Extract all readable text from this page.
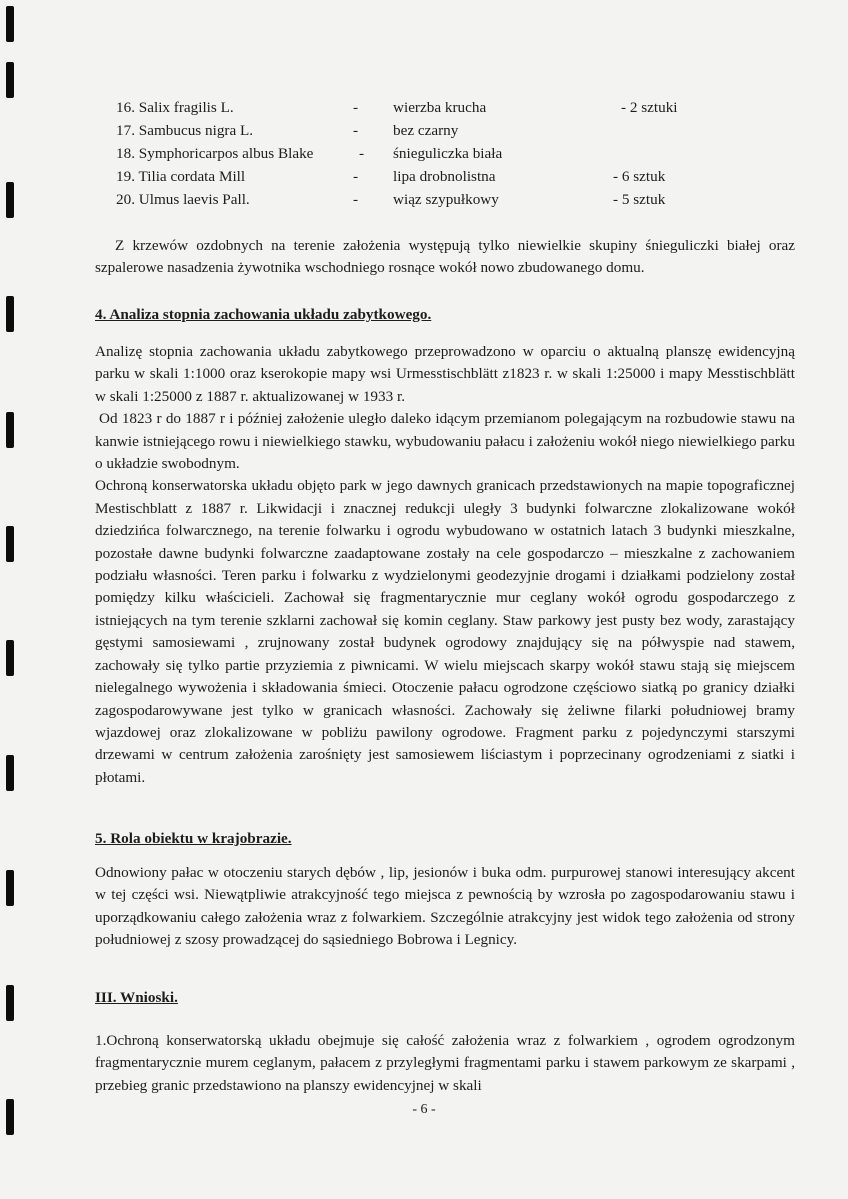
16. Salix fragilis L.	- wierzba krucha	- 2 sztuki
17. Sambucus nigra L.	- bez czarny
18. Symphoricarpos albus Blake	- śnieguliczka biała
19. Tilia cordata Mill	- lipa drobnolistna	- 6 sztuk
20. Ulmus laevis Pall.	- wiąz szypułkowy	- 5 sztuk

Z krzewów ozdobnych na terenie założenia występują tylko niewielkie skupiny śnieguliczki białej oraz szpalerowe nasadzenia żywotnika wschodniego rosnące wokół nowo zbudowanego domu.

4. Analiza stopnia zachowania układu zabytkowego.

Analizę stopnia zachowania układu zabytkowego przeprowadzono w oparciu o aktualną planszę ewidencyjną parku w skali 1:1000 oraz kserokopie mapy wsi Urmesstischblätt z1823 r. w skali 1:25000 i mapy Messtischblätt w skali 1:25000 z 1887 r. aktualizowanej w 1933 r.

Od 1823 r do 1887 r i później założenie uległo daleko idącym przemianom polegającym na rozbudowie stawu na kanwie istniejącego rowu i niewielkiego stawku, wybudowaniu pałacu i założeniu wokół niego niewielkiego parku o układzie swobodnym.

Ochroną konserwatorska układu objęto park w jego dawnych granicach przedstawionych na mapie topograficznej Mestischblatt z 1887 r. Likwidacji i znacznej redukcji uległy 3 budynki folwarczne zlokalizowane wokół dziedzińca folwarcznego, na terenie folwarku i ogrodu wybudowano w ostatnich latach 3 budynki mieszkalne, pozostałe dawne budynki folwarczne zaadaptowane zostały na cele gospodarczo – mieszkalne z zachowaniem podziału własności. Teren parku i folwarku z wydzielonymi geodezyjnie drogami i działkami podzielony został pomiędzy kilku właścicieli. Zachował się fragmentarycznie mur ceglany wokół ogrodu gospodarczego z istniejących na tym terenie szklarni zachował się komin ceglany. Staw parkowy jest pusty bez wody, zarastający gęstymi samosiewami , zrujnowany został budynek ogrodowy znajdujący się na półwyspie nad stawem, zachowały się tylko partie przyziemia z piwnicami. W wielu miejscach skarpy wokół stawu stają się miejscem nielegalnego wywożenia i składowania śmieci. Otoczenie pałacu ogrodzone częściowo siatką po granicy działki zagospodarowywane jest tylko w granicach własności. Zachowały się żeliwne filarki południowej bramy wjazdowej oraz zlokalizowane w pobliżu pawilony ogrodowe. Fragment parku z pojedynczymi starszymi drzewami w centrum założenia zarośnięty jest samosiewem liściastym i poprzecinany ogrodzeniami z siatki i płotami.

5. Rola obiektu w krajobrazie.

Odnowiony pałac w otoczeniu starych dębów , lip, jesionów i buka odm. purpurowej stanowi interesujący akcent w tej części wsi. Niewątpliwie atrakcyjność tego miejsca z pewnością by wzrosła po zagospodarowaniu stawu i uporządkowaniu całego założenia wraz z folwarkiem. Szczególnie atrakcyjny jest widok tego założenia od strony południowej z szosy prowadzącej do sąsiedniego Bobrowa i Legnicy.

III. Wnioski.

1.Ochroną konserwatorską układu obejmuje się całość założenia wraz z folwarkiem , ogrodem ogrodzonym fragmentarycznie murem ceglanym, pałacem z przyległymi fragmentami parku i stawem parkowym ze skarpami , przebieg granic przedstawiono na planszy ewidencyjnej w skali

- 6 -
